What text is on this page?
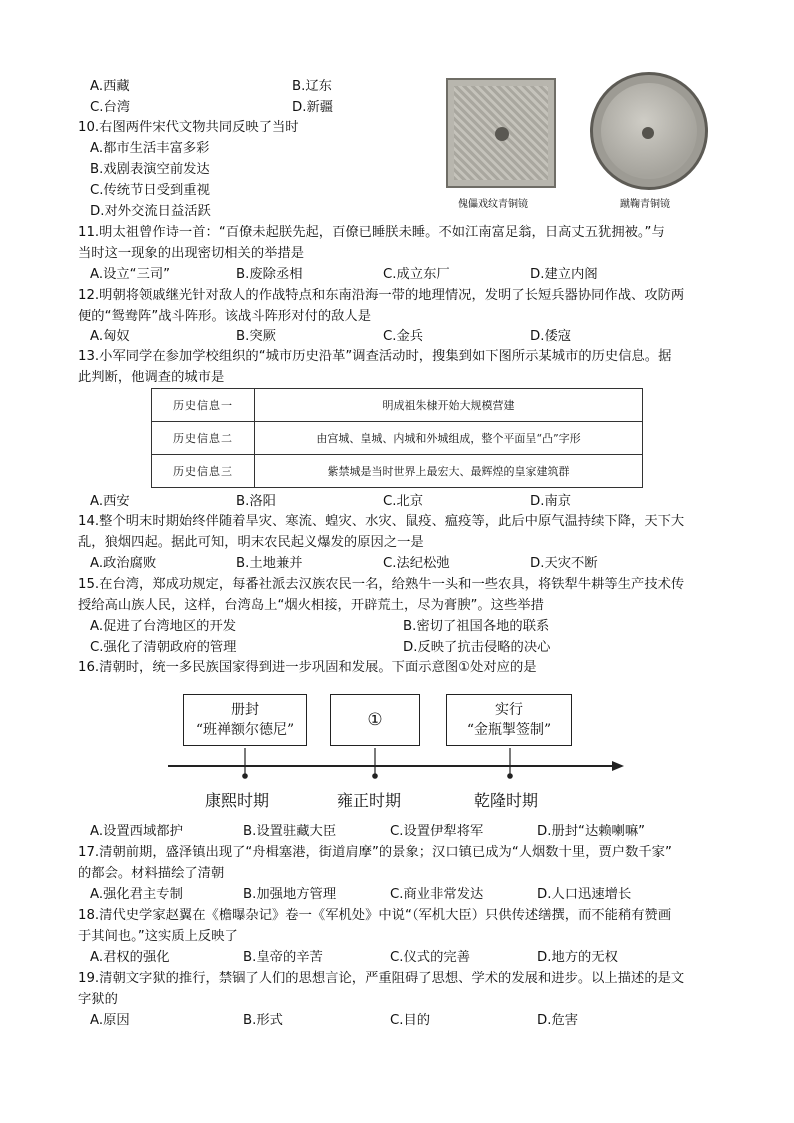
A.西藏	B.辽东
C.台湾	D.新疆
傀儡戏纹青铜镜	蹴鞠青铜镜
10.右图两件宋代文物共同反映了当时
A.都市生活丰富多彩
B.戏剧表演空前发达
C.传统节日受到重视
D.对外交流日益活跃
11.明太祖曾作诗一首：“百僚未起朕先起，百僚已睡朕未睡。不如江南富足翁，日高丈五犹拥被。”与
当时这一现象的出现密切相关的举措是
A.设立“三司”	B.废除丞相	C.成立东厂	D.建立内阁
12.明朝将领戚继光针对敌人的作战特点和东南沿海一带的地理情况，发明了长短兵器协同作战、攻防两
便的“鸳鸯阵”战斗阵形。该战斗阵形对付的敌人是
A.匈奴	B.突厥	C.金兵	D.倭寇
13.小军同学在参加学校组织的“城市历史沿革”调查活动时，搜集到如下图所示某城市的历史信息。据
此判断，他调查的城市是
历史信息一	明成祖朱棣开始大规模营建
历史信息二	由宫城、皇城、内城和外城组成，整个平面呈“凸”字形
历史信息三	紫禁城是当时世界上最宏大、最辉煌的皇家建筑群
A.西安	B.洛阳	C.北京	D.南京
14.整个明末时期始终伴随着旱灾、寒流、蝗灾、水灾、鼠疫、瘟疫等，此后中原气温持续下降，天下大
乱，狼烟四起。据此可知，明末农民起义爆发的原因之一是
A.政治腐败	B.土地兼并	C.法纪松弛	D.天灾不断
15.在台湾，郑成功规定，每番社派去汉族农民一名，给熟牛一头和一些农具，将铁犁牛耕等生产技术传
授给高山族人民，这样，台湾岛上“烟火相接，开辟荒土，尽为膏腴”。这些举措
A.促进了台湾地区的开发	B.密切了祖国各地的联系
C.强化了清朝政府的管理	D.反映了抗击侵略的决心
16.清朝时，统一多民族国家得到进一步巩固和发展。下面示意图①处对应的是
册封
“班禅额尔德尼”	①	实行
“金瓶掣签制”
康熙时期	雍正时期	乾隆时期
A.设置西域都护	B.设置驻藏大臣	C.设置伊犁将军	D.册封“达赖喇嘛”
17.清朝前期，盛泽镇出现了“舟楫塞港，街道肩摩”的景象；汉口镇已成为“人烟数十里，贾户数千家”
的都会。材料描绘了清朝
A.强化君主专制	B.加强地方管理	C.商业非常发达	D.人口迅速增长
18.清代史学家赵翼在《檐曝杂记》卷一《军机处》中说“（军机大臣）只供传述缮撰，而不能稍有赞画
于其间也。”这实质上反映了
A.君权的强化	B.皇帝的辛苦	C.仪式的完善	D.地方的无权
19.清朝文字狱的推行，禁锢了人们的思想言论，严重阻碍了思想、学术的发展和进步。以上描述的是文
字狱的
A.原因	B.形式	C.目的	D.危害
